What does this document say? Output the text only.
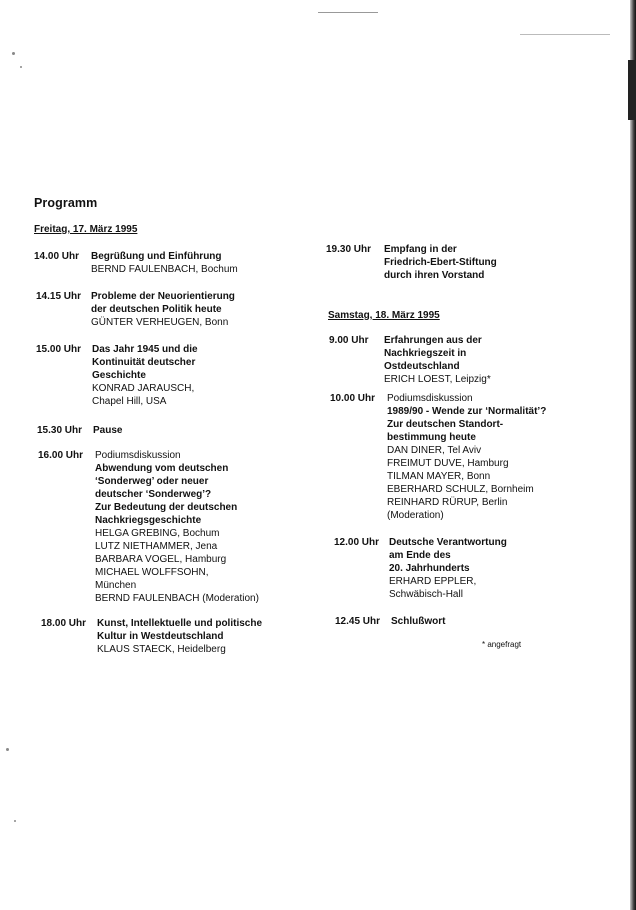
Programm
Freitag, 17. März 1995
14.00 Uhr Begrüßung und Einführung
BERND FAULENBACH, Bochum
14.15 Uhr Probleme der Neuorientierung
der deutschen Politik heute
GÜNTER VERHEUGEN, Bonn
15.00 Uhr Das Jahr 1945 und die
Kontinuität deutscher
Geschichte
KONRAD JARAUSCH,
Chapel Hill, USA
15.30 Uhr Pause
16.00 Uhr Podiumsdiskussion
Abwendung vom deutschen
‘Sonderweg’ oder neuer
deutscher ‘Sonderweg’?
Zur Bedeutung der deutschen
Nachkriegsgeschichte
HELGA GREBING, Bochum
LUTZ NIETHAMMER, Jena
BARBARA VOGEL, Hamburg
MICHAEL WOLFFSOHN,
München
BERND FAULENBACH (Moderation)
18.00 Uhr Kunst, Intellektuelle und politische
Kultur in Westdeutschland
KLAUS STAECK, Heidelberg
19.30 Uhr Empfang in der
Friedrich-Ebert-Stiftung
durch ihren Vorstand
Samstag, 18. März 1995
9.00 Uhr Erfahrungen aus der
Nachkriegszeit in
Ostdeutschland
ERICH LOEST, Leipzig*
10.00 Uhr Podiumsdiskussion
1989/90 - Wende zur ‘Normalität’?
Zur deutschen Standort-
bestimmung heute
DAN DINER, Tel Aviv
FREIMUT DUVE, Hamburg
TILMAN MAYER, Bonn
EBERHARD SCHULZ, Bornheim
REINHARD RÜRUP, Berlin
(Moderation)
12.00 Uhr Deutsche Verantwortung
am Ende des
20. Jahrhunderts
ERHARD EPPLER,
Schwäbisch-Hall
12.45 Uhr Schlußwort
* angefragt
